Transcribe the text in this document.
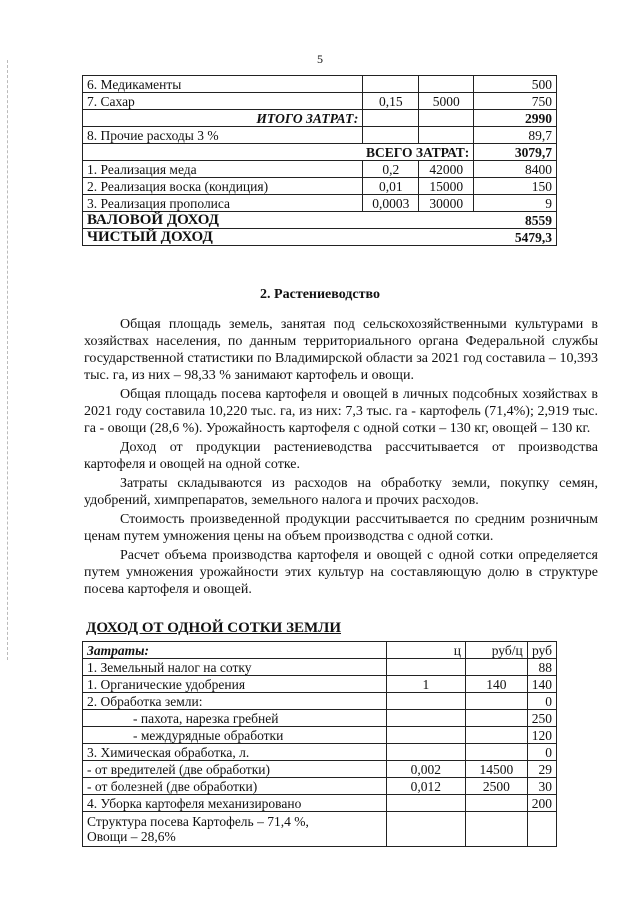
5
6. Медикаменты			500
7. Сахар	0,15	5000	750
ИТОГО ЗАТРАТ:			2990
8. Прочие расходы 3 %			89,7
ВСЕГО ЗАТРАТ:			3079,7
1. Реализация меда	0,2	42000	8400
2. Реализация воска (кондиция)	0,01	15000	150
3. Реализация прополиса	0,0003	30000	9
ВАЛОВОЙ ДОХОД			8559
ЧИСТЫЙ ДОХОД			5479,3
2. Растениеводство

Общая площадь земель, занятая под сельскохозяйственными культурами в хозяйствах населения, по данным территориального органа Федеральной службы государственной статистики по Владимирской области за 2021 год составила – 10,393 тыс. га, из них – 98,33 % занимают картофель и овощи.

Общая площадь посева картофеля и овощей в личных подсобных хозяйствах в 2021 году составила 10,220 тыс. га, из них: 7,3 тыс. га - картофель (71,4%); 2,919 тыс. га - овощи (28,6 %). Урожайность картофеля с одной сотки – 130 кг, овощей – 130 кг.

Доход от продукции растениеводства рассчитывается от производства картофеля и овощей на одной сотке.

Затраты складываются из расходов на обработку земли, покупку семян, удобрений, химпрепаратов, земельного налога и прочих расходов.

Стоимость произведенной продукции рассчитывается по средним розничным ценам путем умножения цены на объем производства с одной сотки.

Расчет объема производства картофеля и овощей с одной сотки определяется путем умножения урожайности этих культур на составляющую долю в структуре посева картофеля и овощей.

ДОХОД ОТ ОДНОЙ СОТКИ ЗЕМЛИ
Затраты:	ц	руб/ц	руб
1. Земельный налог на сотку			88
1. Органические удобрения	1	140	140
2. Обработка земли:			0
- пахота, нарезка гребней			250
- междурядные обработки			120
3. Химическая обработка, л.			0
- от вредителей (две обработки)	0,002	14500	29
- от болезней (две обработки)	0,012	2500	30
4. Уборка картофеля механизировано			200
Структура посева Картофель – 71,4 %,
Овощи – 28,6%			
